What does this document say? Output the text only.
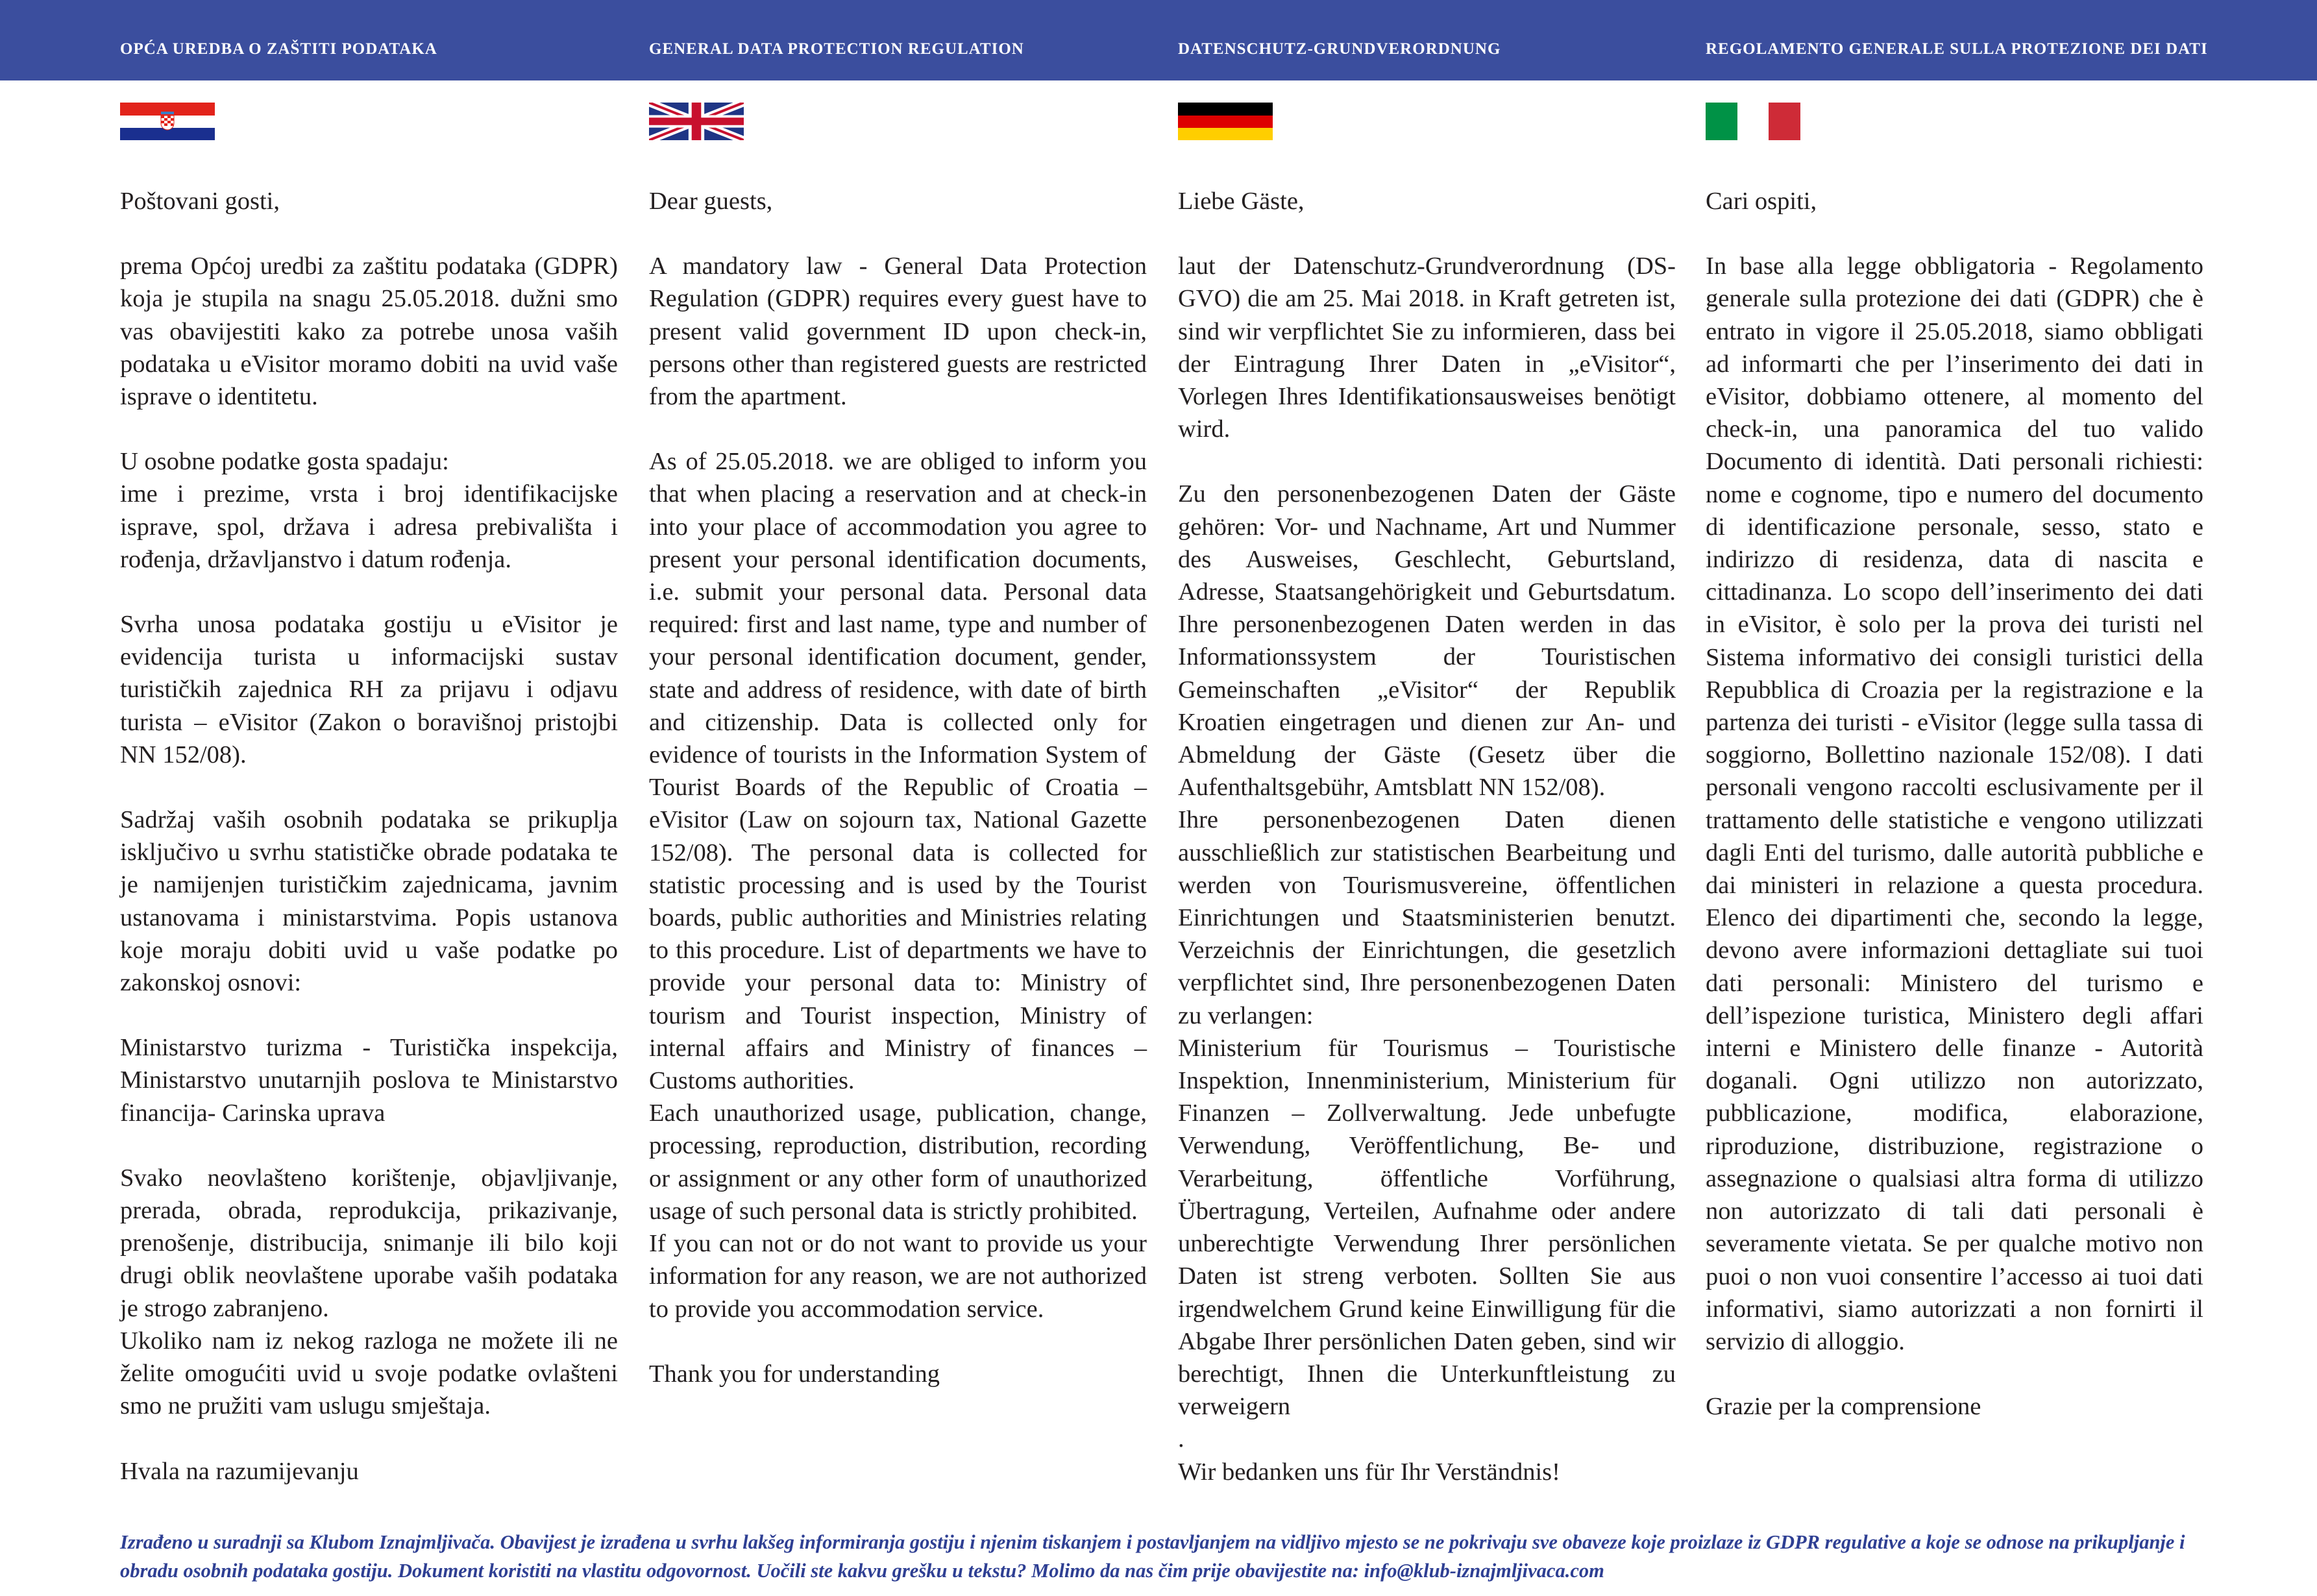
OPĆA UREDBA O ZAŠTITI PODATAKA	GENERAL DATA PROTECTION REGULATION	DATENSCHUTZ-GRUNDVERORDNUNG	REGOLAMENTO GENERALE SULLA PROTEZIONE DEI DATI

Poštovani gosti,

prema Općoj uredbi za zaštitu podataka (GDPR) koja je stupila na snagu 25.05.2018. dužni smo vas obavijestiti kako za potrebe unosa vaših podataka u eVisitor moramo dobiti na uvid vaše isprave o identitetu.

U osobne podatke gosta spadaju:

ime i prezime, vrsta i broj identifikacijske isprave, spol, država i adresa prebivališta i rođenja, državljanstvo i datum rođenja.

Svrha unosa podataka gostiju u eVisitor je evidencija turista u informacijski sustav turističkih zajednica RH za prijavu i odjavu turista – eVisitor (Zakon o boravišnoj pristojbi NN 152/08).

Sadržaj vaših osobnih podataka se prikuplja isključivo u svrhu statističke obrade podataka te je namijenjen turističkim zajednicama, javnim ustanovama i ministarstvima. Popis ustanova koje moraju dobiti uvid u vaše podatke po zakonskoj osnovi:

Ministarstvo turizma - Turistička inspekcija, Ministarstvo unutarnjih poslova te Ministarstvo financija- Carinska uprava

Svako neovlašteno korištenje, objavljivanje, prerada, obrada, reprodukcija, prikazivanje, prenošenje, distribucija, snimanje ili bilo koji drugi oblik neovlaštene uporabe vaših podataka je strogo zabranjeno.

Ukoliko nam iz nekog razloga ne možete ili ne želite omogućiti uvid u svoje podatke ovlašteni smo ne pružiti vam uslugu smještaja.

Hvala na razumijevanju

Dear guests,

A mandatory law - General Data Protection Regulation (GDPR) requires every guest have to present valid government ID upon check-in, persons other than registered guests are restricted from the apartment.

As of 25.05.2018. we are obliged to inform you that when placing a reservation and at check-in into your place of accommodation you agree to present your personal identification documents, i.e. submit your personal data. Personal data required: first and last name, type and number of your personal identification document, gender, state and address of residence, with date of birth and citizenship. Data is collected only for evidence of tourists in the Information System of Tourist Boards of the Republic of Croatia – eVisitor (Law on sojourn tax, National Gazette 152/08). The personal data is collected for statistic processing and is used by the Tourist boards, public authorities and Ministries relating to this procedure. List of departments we have to provide your personal data to: Ministry of tourism and Tourist inspection, Ministry of internal affairs and Ministry of finances – Customs authorities.

Each unauthorized usage, publication, change, processing, reproduction, distribution, recording or assignment or any other form of unauthorized usage of such personal data is strictly prohibited.

If you can not or do not want to provide us your information for any reason, we are not authorized to provide you accommodation service.

Thank you for understanding

Liebe Gäste,

laut der Datenschutz-Grundverordnung (DS-GVO) die am 25. Mai 2018. in Kraft getreten ist, sind wir verpflichtet Sie zu informieren, dass bei der Eintragung Ihrer Daten in „eVisitor“, Vorlegen Ihres Identifikationsausweises benötigt wird.

Zu den personenbezogenen Daten der Gäste gehören: Vor- und Nachname, Art und Nummer des Ausweises, Geschlecht, Geburtsland, Adresse, Staatsangehörigkeit und Geburtsdatum. Ihre personenbezogenen Daten werden in das Informationssystem der Touristischen Gemeinschaften „eVisitor“ der Republik Kroatien eingetragen und dienen zur An- und Abmeldung der Gäste (Gesetz über die Aufenthaltsgebühr, Amtsblatt NN 152/08).

Ihre personenbezogenen Daten dienen ausschließlich zur statistischen Bearbeitung und werden von Tourismusvereine, öffentlichen Einrichtungen und Staatsministerien benutzt. Verzeichnis der Einrichtungen, die gesetzlich verpflichtet sind, Ihre personenbezogenen Daten zu verlangen:

Ministerium für Tourismus – Touristische Inspektion, Innenministerium, Ministerium für Finanzen – Zollverwaltung. Jede unbefugte Verwendung, Veröffentlichung, Be- und Verarbeitung, öffentliche Vorführung, Übertragung, Verteilen, Aufnahme oder andere unberechtigte Verwendung Ihrer persönlichen Daten ist streng verboten. Sollten Sie aus irgendwelchem Grund keine Einwilligung für die Abgabe Ihrer persönlichen Daten geben, sind wir berechtigt, Ihnen die Unterkunftleistung zu verweigern

.

Wir bedanken uns für Ihr Verständnis!

Cari ospiti,

In base alla legge obbligatoria - Regolamento generale sulla protezione dei dati (GDPR) che è entrato in vigore il 25.05.2018, siamo obbligati ad informarti che per l’inserimento dei dati in eVisitor, dobbiamo ottenere, al momento del check-in, una panoramica del tuo valido Documento di identità. Dati personali richiesti: nome e cognome, tipo e numero del documento di identificazione personale, sesso, stato e indirizzo di residenza, data di nascita e cittadinanza. Lo scopo dell’inserimento dei dati in eVisitor, è solo per la prova dei turisti nel Sistema informativo dei consigli turistici della Repubblica di Croazia per la registrazione e la partenza dei turisti - eVisitor (legge sulla tassa di soggiorno, Bollettino nazionale 152/08). I dati personali vengono raccolti esclusivamente per il trattamento delle statistiche e vengono utilizzati dagli Enti del turismo, dalle autorità pubbliche e dai ministeri in relazione a questa procedura. Elenco dei dipartimenti che, secondo la legge, devono avere informazioni dettagliate sui tuoi dati personali: Ministero del turismo e dell’ispezione turistica, Ministero degli affari interni e Ministero delle finanze - Autorità doganali. Ogni utilizzo non autorizzato, pubblicazione, modifica, elaborazione, riproduzione, distribuzione, registrazione o assegnazione o qualsiasi altra forma di utilizzo non autorizzato di tali dati personali è severamente vietata. Se per qualche motivo non puoi o non vuoi consentire l’accesso ai tuoi dati informativi, siamo autorizzati a non fornirti il servizio di alloggio.

Grazie per la comprensione

Izrađeno u suradnji sa Klubom Iznajmljivača. Obavijest je izrađena u svrhu lakšeg informiranja gostiju i njenim tiskanjem i postavljanjem na vidljivo mjesto se ne pokrivaju sve obaveze koje proizlaze iz GDPR regulative a koje se odnose na prikupljanje i obradu osobnih podataka gostiju. Dokument koristiti na vlastitu odgovornost. Uočili ste kakvu grešku u tekstu? Molimo da nas čim prije obavijestite na: info@klub-iznajmljivaca.com
